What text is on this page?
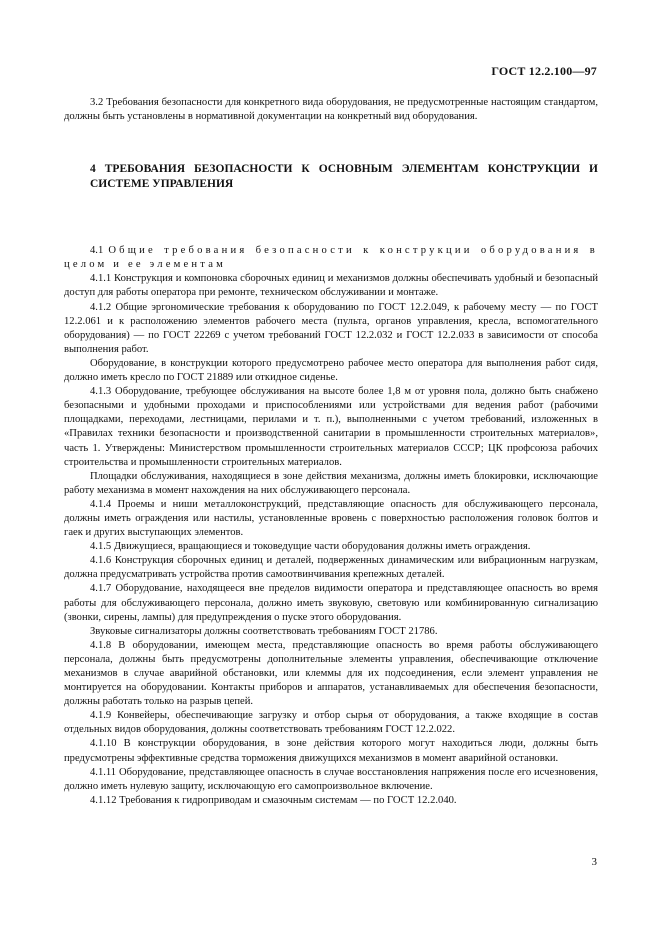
ГОСТ 12.2.100—97

3.2 Требования безопасности для конкретного вида оборудования, не предусмотренные настоящим стандартом, должны быть установлены в нормативной документации на конкретный вид оборудования.

4 ТРЕБОВАНИЯ БЕЗОПАСНОСТИ К ОСНОВНЫМ ЭЛЕМЕНТАМ КОНСТРУКЦИИ И СИСТЕМЕ УПРАВЛЕНИЯ

4.1 Общие требования безопасности к конструкции оборудования в целом и ее элементам

4.1.1 Конструкция и компоновка сборочных единиц и механизмов должны обеспечивать удобный и безопасный доступ для работы оператора при ремонте, техническом обслуживании и монтаже.

4.1.2 Общие эргономические требования к оборудованию по ГОСТ 12.2.049, к рабочему месту — по ГОСТ 12.2.061 и к расположению элементов рабочего места (пульта, органов управления, кресла, вспомогательного оборудования) — по ГОСТ 22269 с учетом требований ГОСТ 12.2.032 и ГОСТ 12.2.033 в зависимости от способа выполнения работ.

Оборудование, в конструкции которого предусмотрено рабочее место оператора для выполнения работ сидя, должно иметь кресло по ГОСТ 21889 или откидное сиденье.

4.1.3 Оборудование, требующее обслуживания на высоте более 1,8 м от уровня пола, должно быть снабжено безопасными и удобными проходами и приспособлениями или устройствами для ведения работ (рабочими площадками, переходами, лестницами, перилами и т. п.), выполненными с учетом требований, изложенных в «Правилах техники безопасности и производственной санитарии в промышленности строительных материалов», часть 1. Утверждены: Министерством промышленности строительных материалов СССР; ЦК профсоюза рабочих строительства и промышленности строительных материалов.

Площадки обслуживания, находящиеся в зоне действия механизма, должны иметь блокировки, исключающие работу механизма в момент нахождения на них обслуживающего персонала.

4.1.4 Проемы и ниши металлоконструкций, представляющие опасность для обслуживающего персонала, должны иметь ограждения или настилы, установленные вровень с поверхностью расположения головок болтов и гаек и других выступающих элементов.

4.1.5 Движущиеся, вращающиеся и токоведущие части оборудования должны иметь ограждения.

4.1.6 Конструкция сборочных единиц и деталей, подверженных динамическим или вибрационным нагрузкам, должна предусматривать устройства против самоотвинчивания крепежных деталей.

4.1.7 Оборудование, находящееся вне пределов видимости оператора и представляющее опасность во время работы для обслуживающего персонала, должно иметь звуковую, световую или комбинированную сигнализацию (звонки, сирены, лампы) для предупреждения о пуске этого оборудования.

Звуковые сигнализаторы должны соответствовать требованиям ГОСТ 21786.

4.1.8 В оборудовании, имеющем места, представляющие опасность во время работы обслуживающего персонала, должны быть предусмотрены дополнительные элементы управления, обеспечивающие отключение механизмов в случае аварийной обстановки, или клеммы для их подсоединения, если элемент управления не монтируется на оборудовании. Контакты приборов и аппаратов, устанавливаемых для обеспечения безопасности, должны работать только на разрыв цепей.

4.1.9 Конвейеры, обеспечивающие загрузку и отбор сырья от оборудования, а также входящие в состав отдельных видов оборудования, должны соответствовать требованиям ГОСТ 12.2.022.

4.1.10 В конструкции оборудования, в зоне действия которого могут находиться люди, должны быть предусмотрены эффективные средства торможения движущихся механизмов в момент аварийной остановки.

4.1.11 Оборудование, представляющее опасность в случае восстановления напряжения после его исчезновения, должно иметь нулевую защиту, исключающую его самопроизвольное включение.

4.1.12 Требования к гидроприводам и смазочным системам — по ГОСТ 12.2.040.

3
